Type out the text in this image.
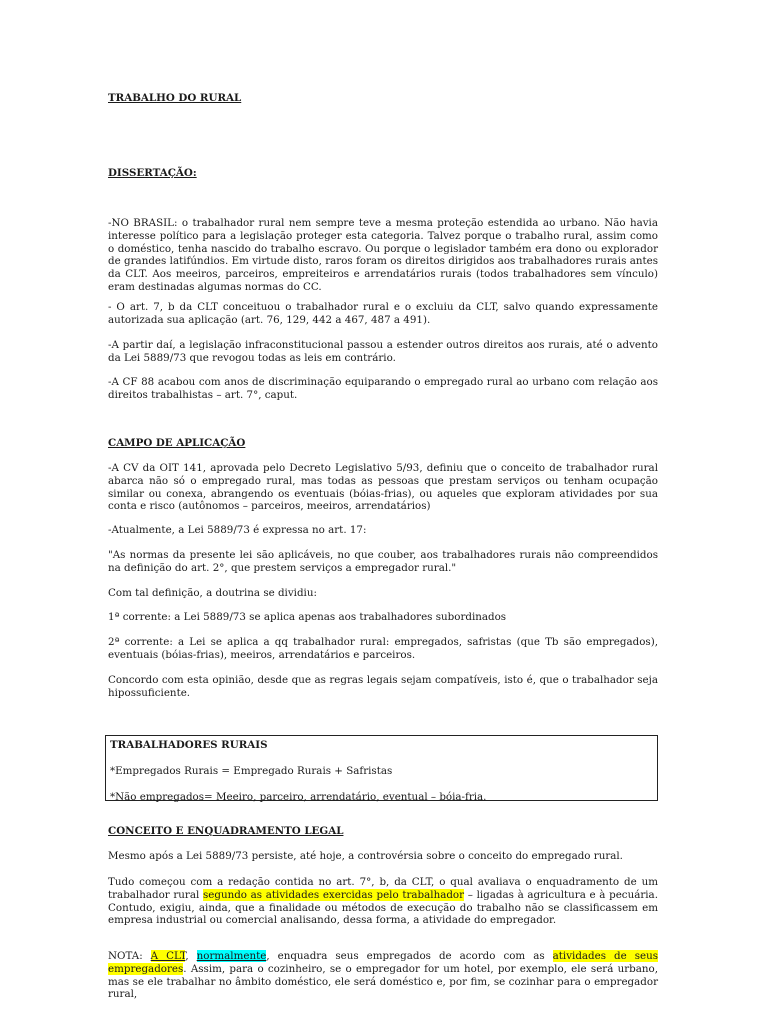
TRABALHO DO RURAL

DISSERTAÇÃO:

-NO BRASIL: o trabalhador rural nem sempre teve a mesma proteção estendida ao urbano. Não havia interesse político para a legislação proteger esta categoria. Talvez porque o trabalho rural, assim como o doméstico, tenha nascido do trabalho escravo. Ou porque o legislador também era dono ou explorador de grandes latifúndios. Em virtude disto, raros foram os direitos dirigidos aos trabalhadores rurais antes da CLT. Aos meeiros, parceiros, empreiteiros e arrendatários rurais (todos trabalhadores sem vínculo) eram destinadas algumas normas do CC.

- O art. 7, b da CLT conceituou o trabalhador rural e o excluiu da CLT, salvo quando expressamente autorizada sua aplicação (art. 76, 129, 442 a 467, 487 a 491).

-A partir daí, a legislação infraconstitucional passou a estender outros direitos aos rurais, até o advento da Lei 5889/73 que revogou todas as leis em contrário.

-A CF 88 acabou com anos de discriminação equiparando o empregado rural ao urbano com relação aos direitos trabalhistas – art. 7°, caput.

CAMPO DE APLICAÇÃO

-A CV da OIT 141, aprovada pelo Decreto Legislativo 5/93, definiu que o conceito de trabalhador rural abarca não só o empregado rural, mas todas as pessoas que prestam serviços ou tenham ocupação similar ou conexa, abrangendo os eventuais (bóias-frias), ou aqueles que exploram atividades por sua conta e risco (autônomos – parceiros, meeiros, arrendatários)

-Atualmente, a Lei 5889/73 é expressa no art. 17:

"As normas da presente lei são aplicáveis, no que couber, aos trabalhadores rurais não compreendidos na definição do art. 2°, que prestem serviços a empregador rural."

Com tal definição, a doutrina se dividiu:

1ª corrente: a Lei 5889/73 se aplica apenas aos trabalhadores subordinados

2ª corrente: a Lei se aplica a qq trabalhador rural: empregados, safristas (que Tb são empregados), eventuais (bóias-frias), meeiros, arrendatários e parceiros.

Concordo com esta opinião, desde que as regras legais sejam compatíveis, isto é, que o trabalhador seja hipossuficiente.

TRABALHADORES RURAIS

*Empregados Rurais = Empregado Rurais + Safristas

*Não empregados= Meeiro, parceiro, arrendatário, eventual – bóia-fria.

CONCEITO E ENQUADRAMENTO LEGAL

Mesmo após a Lei 5889/73 persiste, até hoje, a controvérsia sobre o conceito do empregado rural.

Tudo começou com a redação contida no art. 7°, b, da CLT, o qual avaliava o enquadramento de um trabalhador rural segundo as atividades exercidas pelo trabalhador – ligadas à agricultura e à pecuária. Contudo, exigiu, ainda, que a finalidade ou métodos de execução do trabalho não se classificassem em empresa industrial ou comercial analisando, dessa forma, a atividade do empregador.

NOTA: A CLT, normalmente, enquadra seus empregados de acordo com as atividades de seus empregadores. Assim, para o cozinheiro, se o empregador for um hotel, por exemplo, ele será urbano, mas se ele trabalhar no âmbito doméstico, ele será doméstico e, por fim, se cozinhar para o empregador rural,
